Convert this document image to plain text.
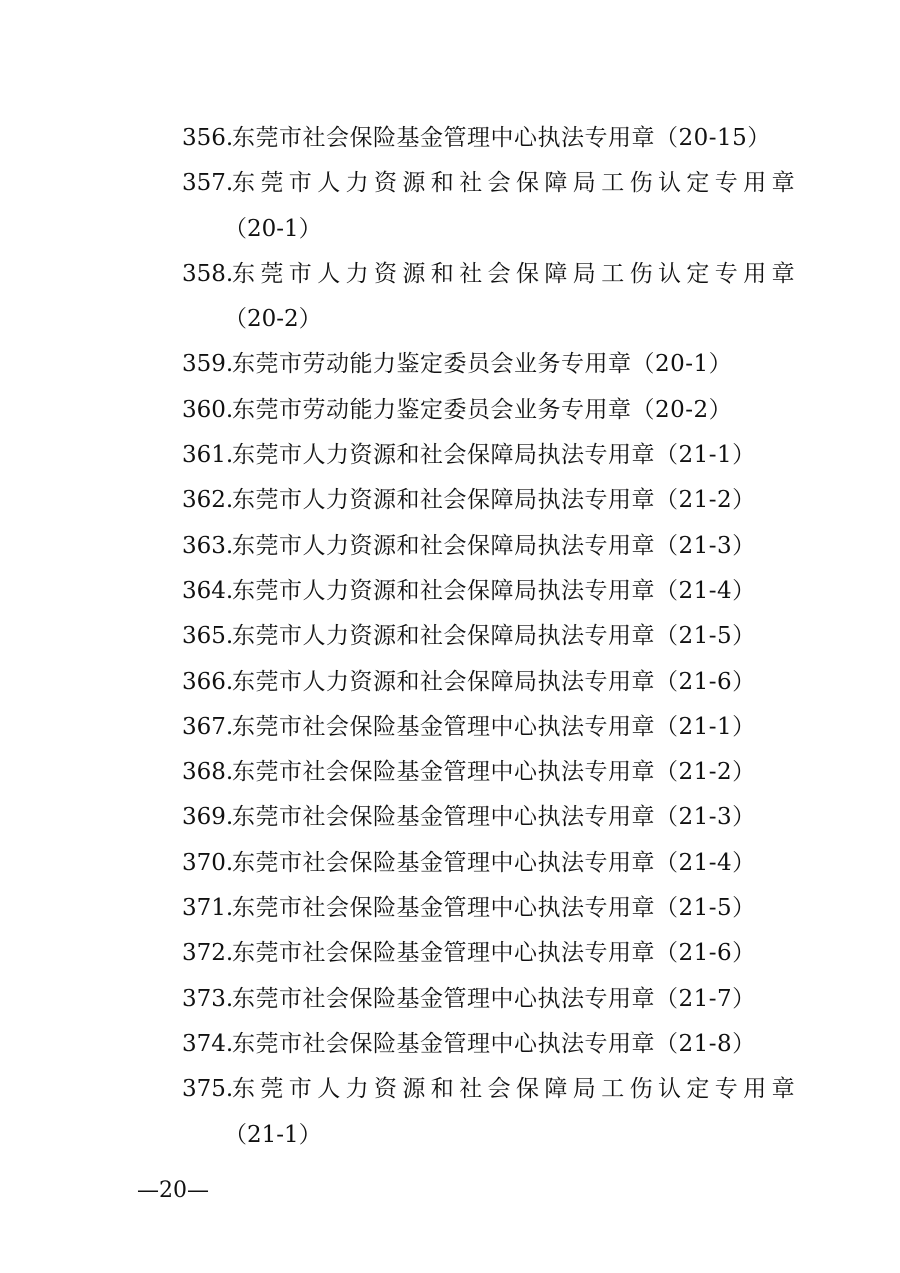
356.
东莞市社会保险基金管理中心执法专用章（20-15）
357.
东莞市人力资源和社会保障局工伤认定专用章
（20-1）
358.
东莞市人力资源和社会保障局工伤认定专用章
（20-2）
359.
东莞市劳动能力鉴定委员会业务专用章（20-1）
360.
东莞市劳动能力鉴定委员会业务专用章（20-2）
361.
东莞市人力资源和社会保障局执法专用章（21-1）
362.
东莞市人力资源和社会保障局执法专用章（21-2）
363.
东莞市人力资源和社会保障局执法专用章（21-3）
364.
东莞市人力资源和社会保障局执法专用章（21-4）
365.
东莞市人力资源和社会保障局执法专用章（21-5）
366.
东莞市人力资源和社会保障局执法专用章（21-6）
367.
东莞市社会保险基金管理中心执法专用章（21-1）
368.
东莞市社会保险基金管理中心执法专用章（21-2）
369.
东莞市社会保险基金管理中心执法专用章（21-3）
370.
东莞市社会保险基金管理中心执法专用章（21-4）
371.
东莞市社会保险基金管理中心执法专用章（21-5）
372.
东莞市社会保险基金管理中心执法专用章（21-6）
373.
东莞市社会保险基金管理中心执法专用章（21-7）
374.
东莞市社会保险基金管理中心执法专用章（21-8）
375.
东莞市人力资源和社会保障局工伤认定专用章
（21-1）
—20—
